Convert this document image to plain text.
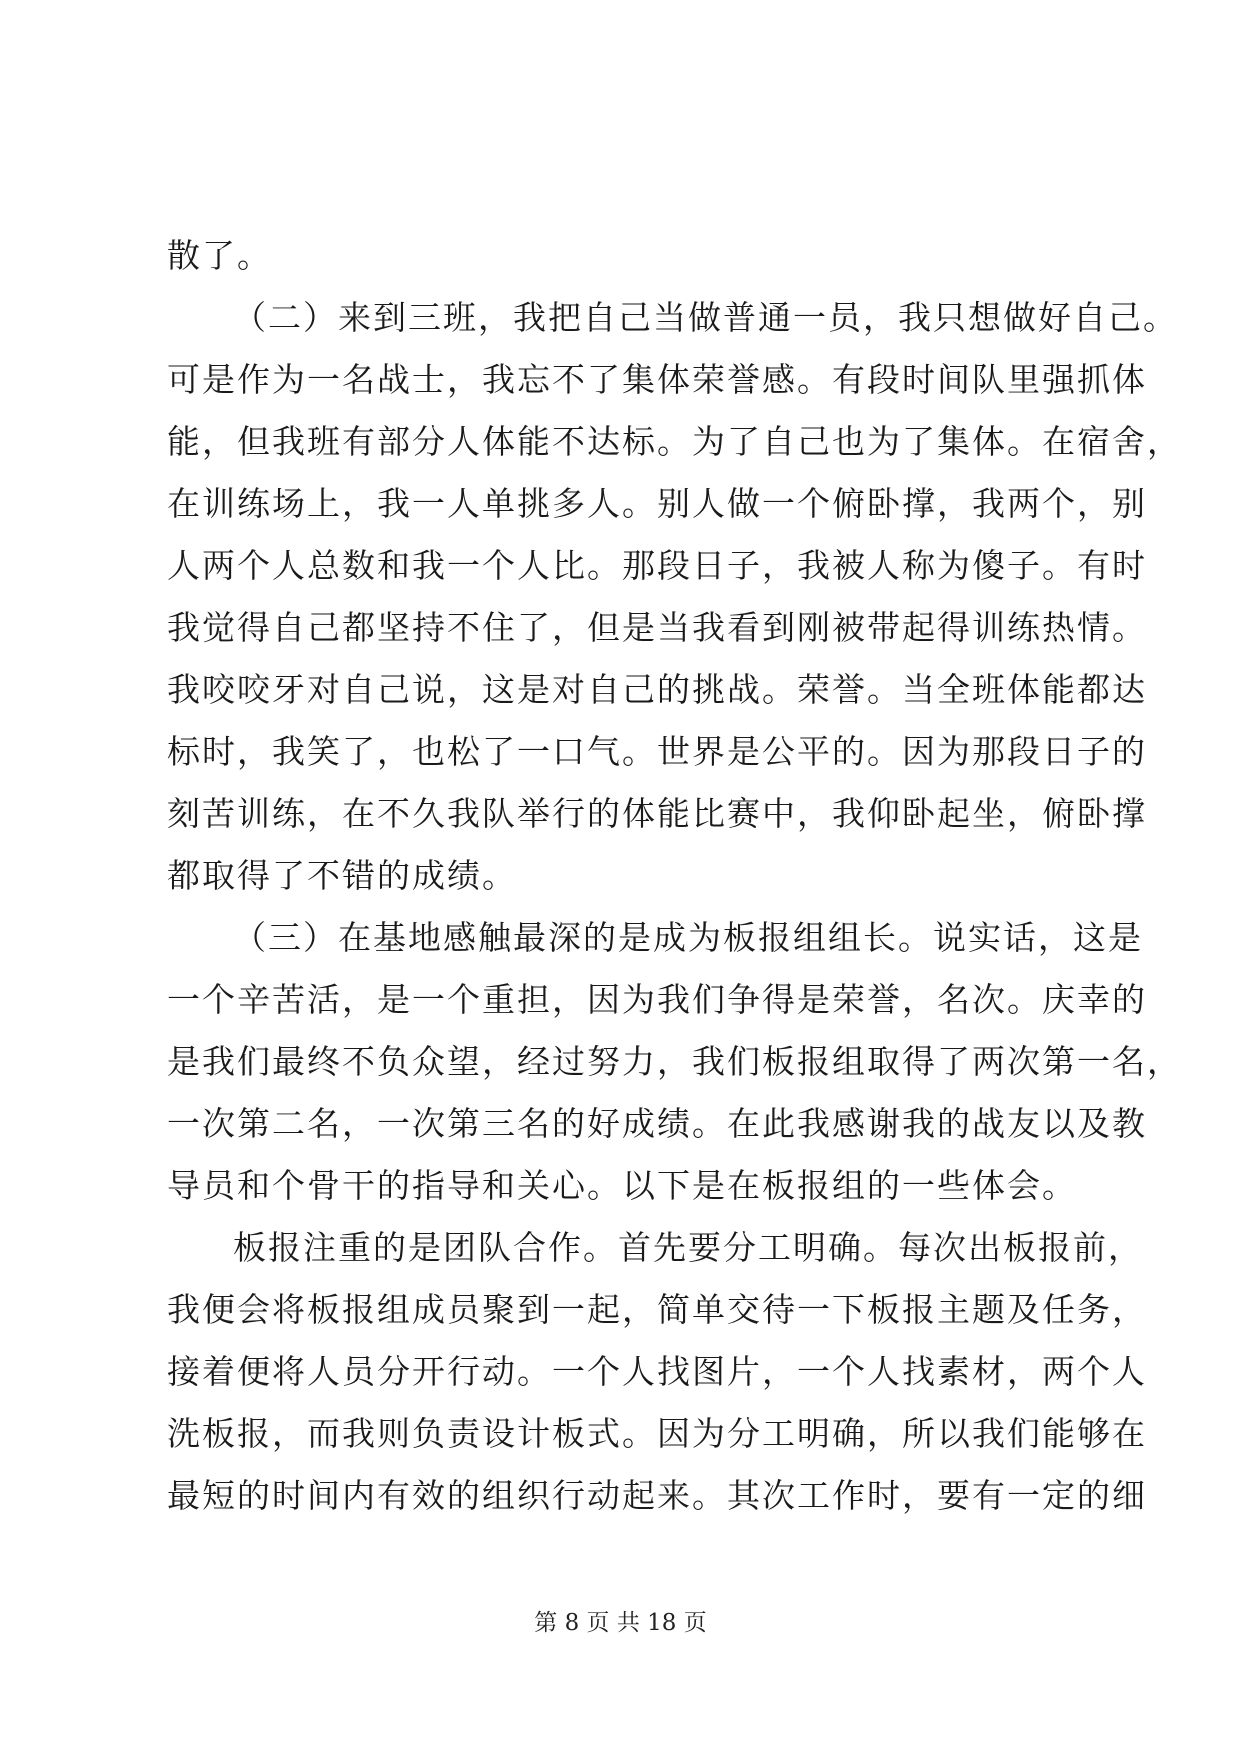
散了。
（二）来到三班，我把自己当做普通一员，我只想做好自己。
可是作为一名战士，我忘不了集体荣誉感。有段时间队里强抓体
能，但我班有部分人体能不达标。为了自己也为了集体。在宿舍，
在训练场上，我一人单挑多人。别人做一个俯卧撑，我两个，别
人两个人总数和我一个人比。那段日子，我被人称为傻子。有时
我觉得自己都坚持不住了，但是当我看到刚被带起得训练热情。
我咬咬牙对自己说，这是对自己的挑战。荣誉。当全班体能都达
标时，我笑了，也松了一口气。世界是公平的。因为那段日子的
刻苦训练，在不久我队举行的体能比赛中，我仰卧起坐，俯卧撑
都取得了不错的成绩。
（三）在基地感触最深的是成为板报组组长。说实话，这是
一个辛苦活，是一个重担，因为我们争得是荣誉，名次。庆幸的
是我们最终不负众望，经过努力，我们板报组取得了两次第一名，
一次第二名，一次第三名的好成绩。在此我感谢我的战友以及教
导员和个骨干的指导和关心。以下是在板报组的一些体会。
板报注重的是团队合作。首先要分工明确。每次出板报前，
我便会将板报组成员聚到一起，简单交待一下板报主题及任务，
接着便将人员分开行动。一个人找图片，一个人找素材，两个人
洗板报，而我则负责设计板式。因为分工明确，所以我们能够在
最短的时间内有效的组织行动起来。其次工作时，要有一定的细
第 8 页 共 18 页
